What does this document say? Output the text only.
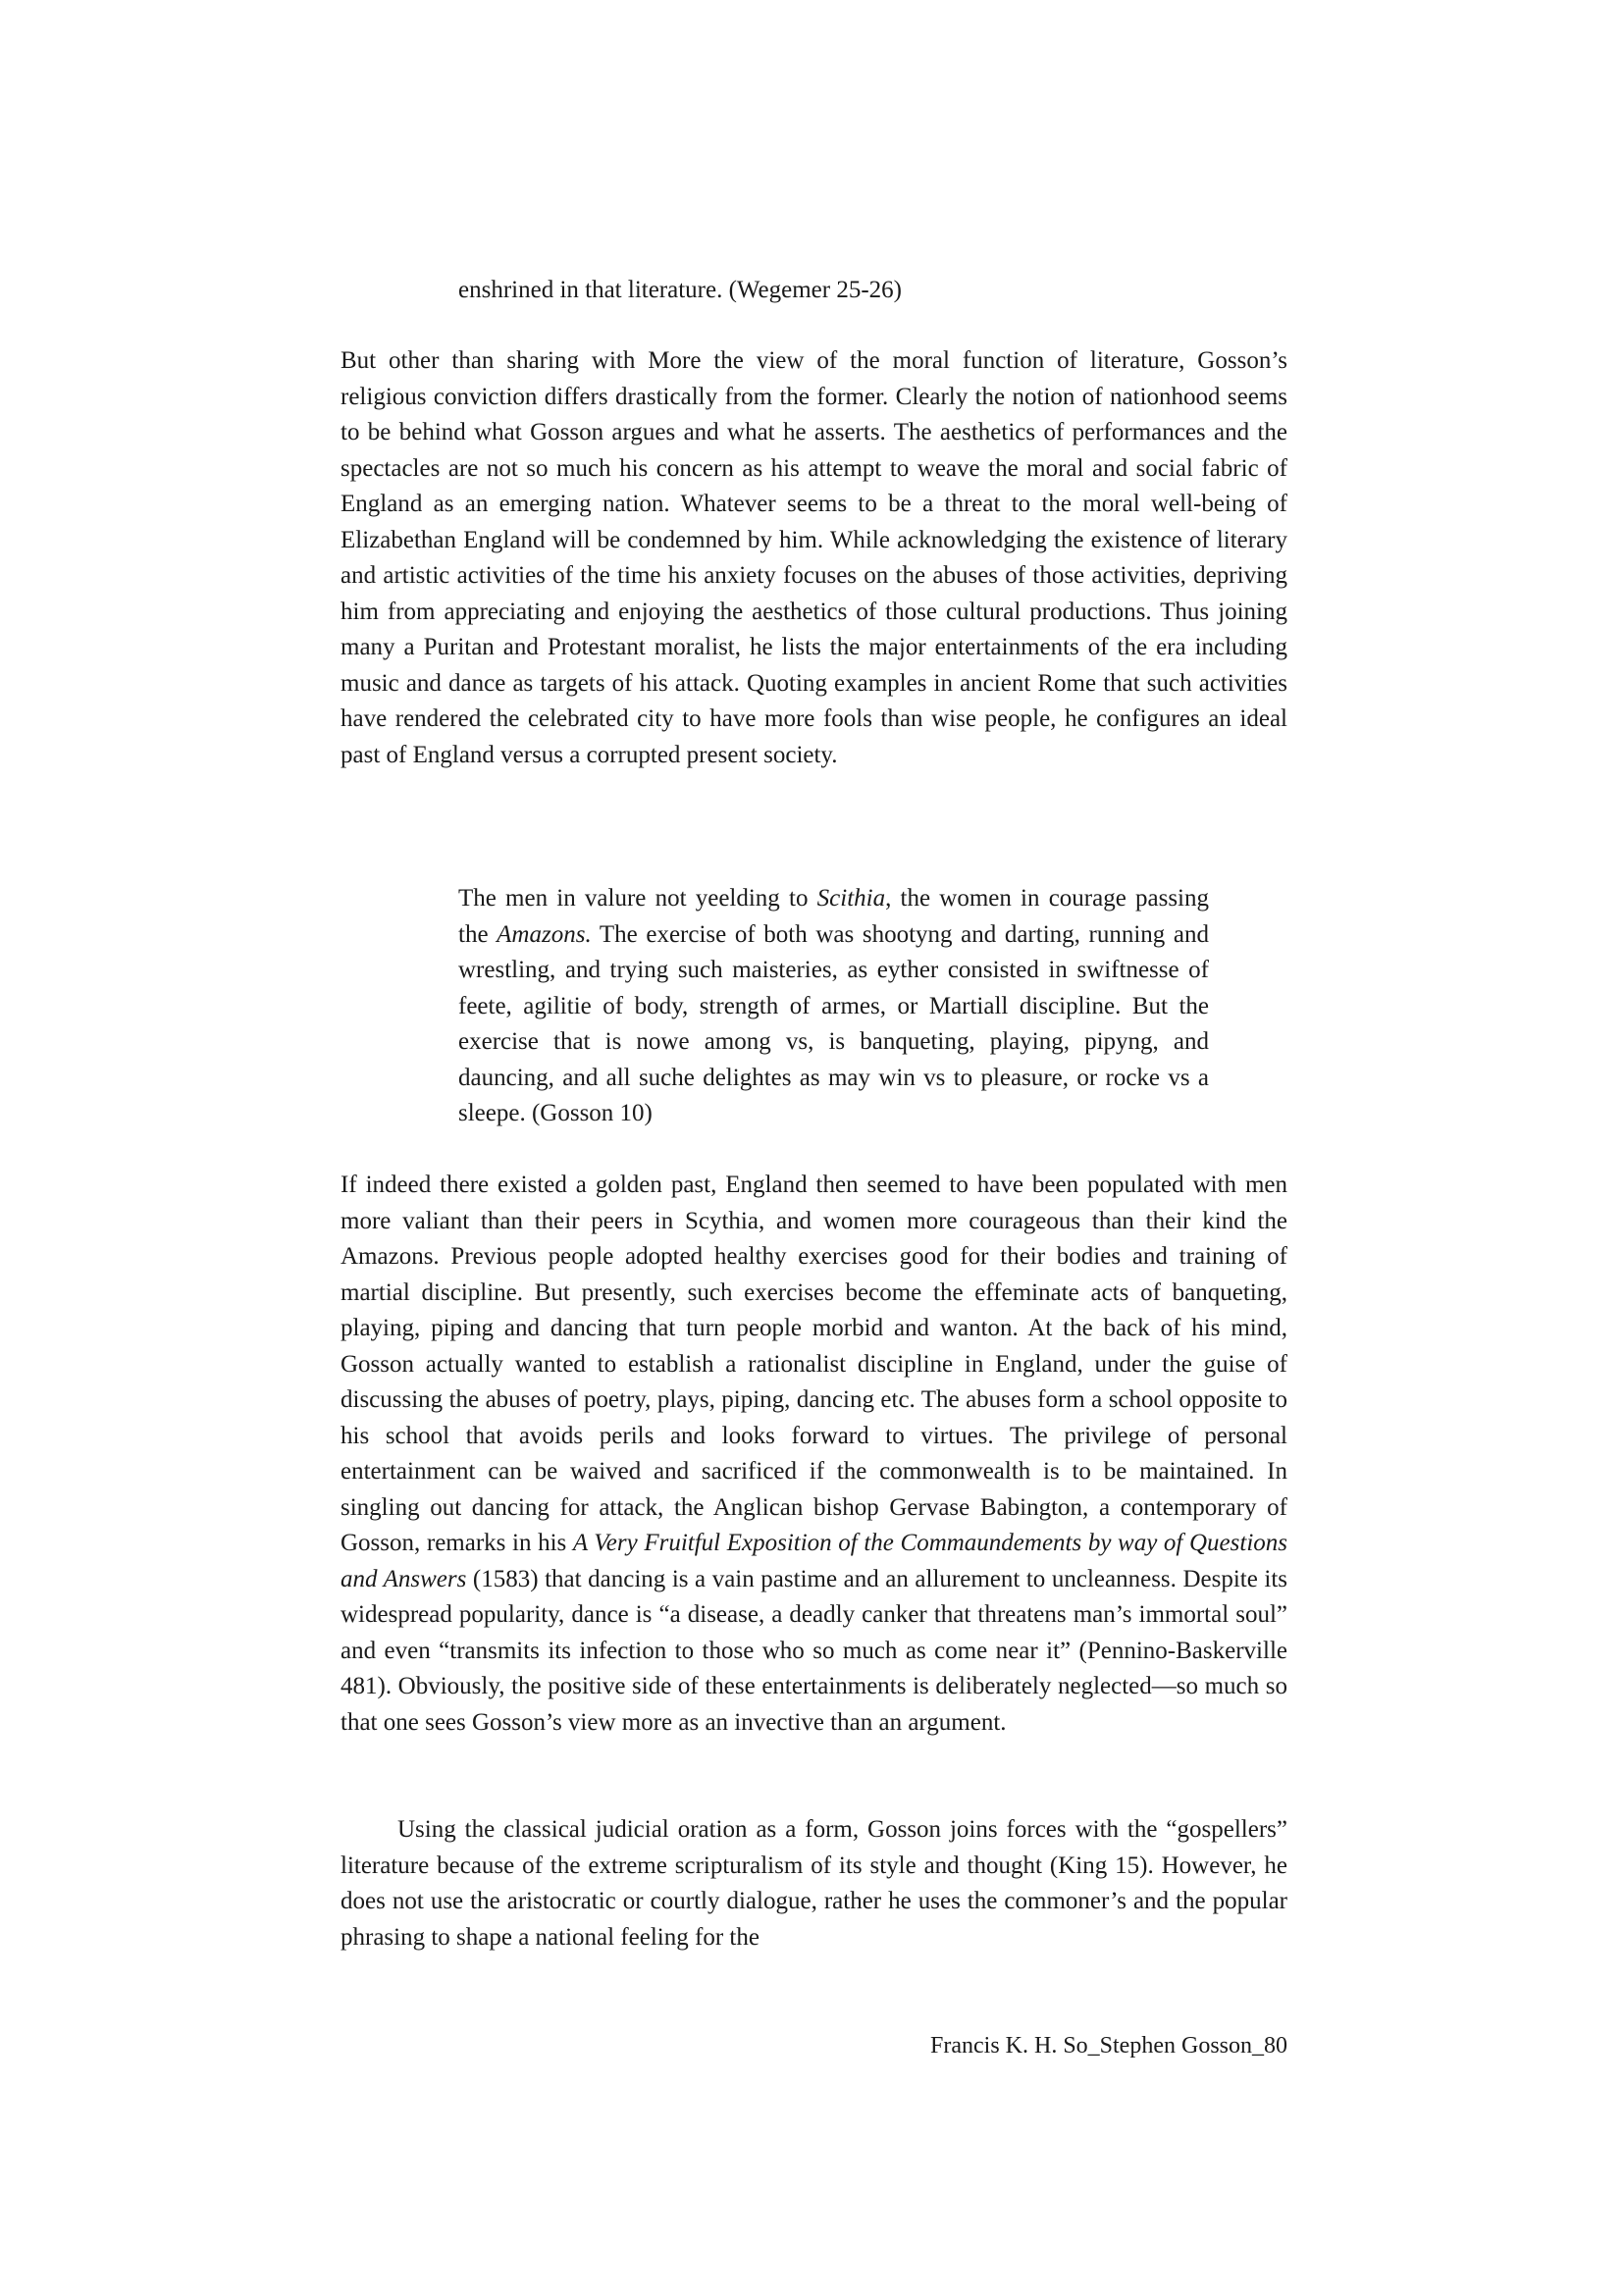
enshrined in that literature. (Wegemer 25-26)

But other than sharing with More the view of the moral function of literature, Gosson’s religious conviction differs drastically from the former. Clearly the notion of nationhood seems to be behind what Gosson argues and what he asserts. The aesthetics of performances and the spectacles are not so much his concern as his attempt to weave the moral and social fabric of England as an emerging nation. Whatever seems to be a threat to the moral well-being of Elizabethan England will be condemned by him. While acknowledging the existence of literary and artistic activities of the time his anxiety focuses on the abuses of those activities, depriving him from appreciating and enjoying the aesthetics of those cultural productions. Thus joining many a Puritan and Protestant moralist, he lists the major entertainments of the era including music and dance as targets of his attack. Quoting examples in ancient Rome that such activities have rendered the celebrated city to have more fools than wise people, he configures an ideal past of England versus a corrupted present society.

The men in valure not yeelding to Scithia, the women in courage passing the Amazons. The exercise of both was shootyng and darting, running and wrestling, and trying such maisteries, as eyther consisted in swiftnesse of feete, agilitie of body, strength of armes, or Martiall discipline. But the exercise that is nowe among vs, is banqueting, playing, pipyng, and dauncing, and all suche delightes as may win vs to pleasure, or rocke vs a sleepe. (Gosson 10)

If indeed there existed a golden past, England then seemed to have been populated with men more valiant than their peers in Scythia, and women more courageous than their kind the Amazons. Previous people adopted healthy exercises good for their bodies and training of martial discipline. But presently, such exercises become the effeminate acts of banqueting, playing, piping and dancing that turn people morbid and wanton. At the back of his mind, Gosson actually wanted to establish a rationalist discipline in England, under the guise of discussing the abuses of poetry, plays, piping, dancing etc. The abuses form a school opposite to his school that avoids perils and looks forward to virtues. The privilege of personal entertainment can be waived and sacrificed if the commonwealth is to be maintained. In singling out dancing for attack, the Anglican bishop Gervase Babington, a contemporary of Gosson, remarks in his A Very Fruitful Exposition of the Commaundements by way of Questions and Answers (1583) that dancing is a vain pastime and an allurement to uncleanness. Despite its widespread popularity, dance is “a disease, a deadly canker that threatens man’s immortal soul” and even “transmits its infection to those who so much as come near it” (Pennino-Baskerville 481). Obviously, the positive side of these entertainments is deliberately neglected—so much so that one sees Gosson’s view more as an invective than an argument.

Using the classical judicial oration as a form, Gosson joins forces with the “gospellers” literature because of the extreme scripturalism of its style and thought (King 15). However, he does not use the aristocratic or courtly dialogue, rather he uses the commoner’s and the popular phrasing to shape a national feeling for the

Francis K. H. So_Stephen Gosson_80
